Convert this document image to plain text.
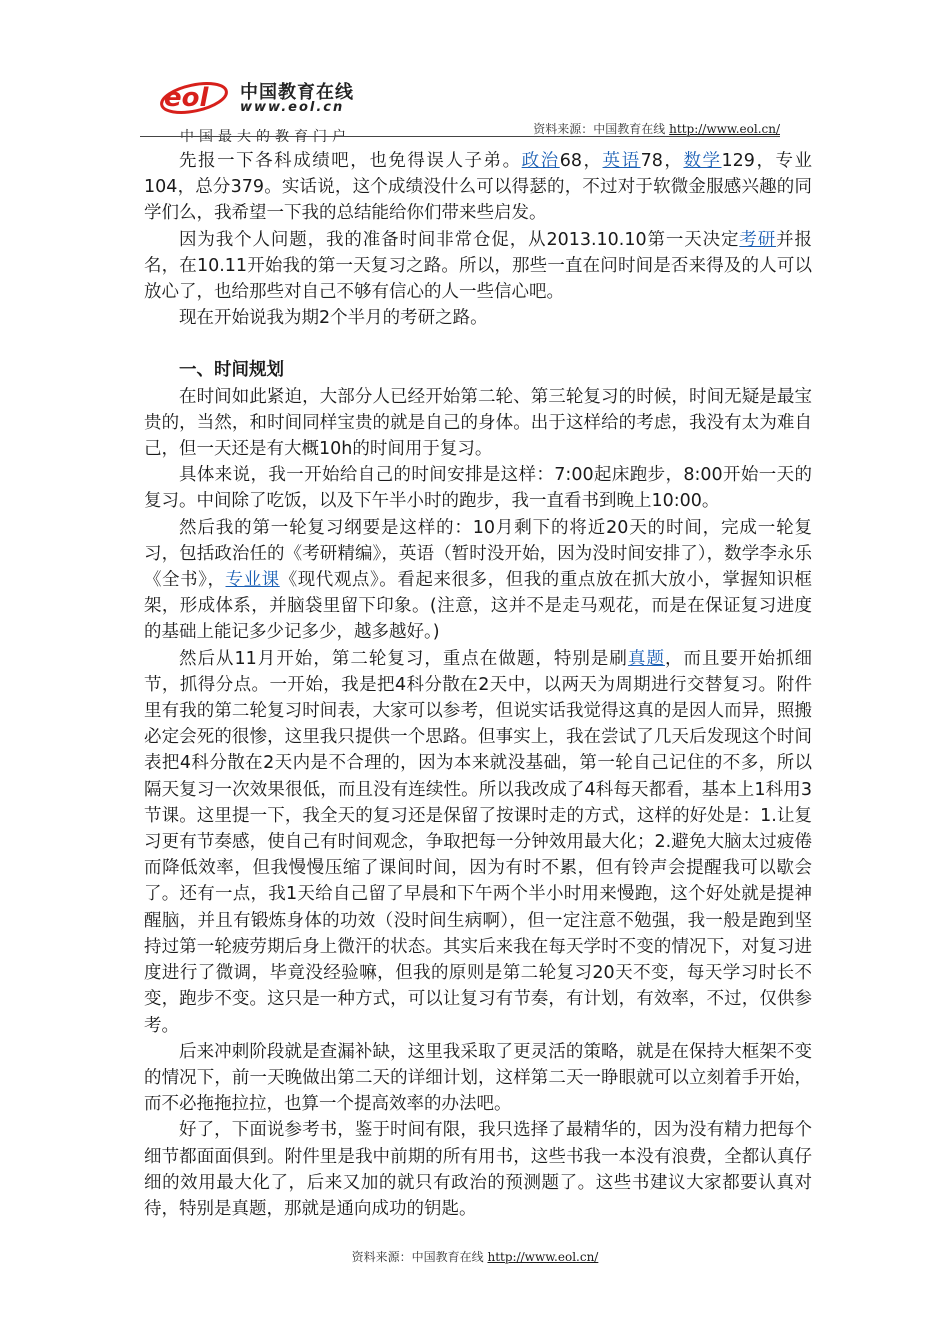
eol 中国教育在线
www.eol.cn
中国最大的教育门户	资料来源：中国教育在线 http://www.eol.cn/

先报一下各科成绩吧，也免得误人子弟。政治68，英语78，数学129，专业104，总分379。实话说，这个成绩没什么可以得瑟的，不过对于软微金服感兴趣的同学们么，我希望一下我的总结能给你们带来些启发。

因为我个人问题，我的准备时间非常仓促，从2013.10.10第一天决定考研并报名，在10.11开始我的第一天复习之路。所以，那些一直在问时间是否来得及的人可以放心了，也给那些对自己不够有信心的人一些信心吧。

现在开始说我为期2个半月的考研之路。

一、时间规划

在时间如此紧迫，大部分人已经开始第二轮、第三轮复习的时候，时间无疑是最宝贵的，当然，和时间同样宝贵的就是自己的身体。出于这样给的考虑，我没有太为难自己，但一天还是有大概10h的时间用于复习。

具体来说，我一开始给自己的时间安排是这样：7:00起床跑步，8:00开始一天的复习。中间除了吃饭，以及下午半小时的跑步，我一直看书到晚上10:00。

然后我的第一轮复习纲要是这样的：10月剩下的将近20天的时间，完成一轮复习，包括政治任的《考研精编》，英语（暂时没开始，因为没时间安排了），数学李永乐《全书》，专业课《现代观点》。看起来很多，但我的重点放在抓大放小，掌握知识框架，形成体系，并脑袋里留下印象。(注意，这并不是走马观花，而是在保证复习进度的基础上能记多少记多少，越多越好。)

然后从11月开始，第二轮复习，重点在做题，特别是刷真题，而且要开始抓细节，抓得分点。一开始，我是把4科分散在2天中，以两天为周期进行交替复习。附件里有我的第二轮复习时间表，大家可以参考，但说实话我觉得这真的是因人而异，照搬必定会死的很惨，这里我只提供一个思路。但事实上，我在尝试了几天后发现这个时间表把4科分散在2天内是不合理的，因为本来就没基础，第一轮自己记住的不多，所以隔天复习一次效果很低，而且没有连续性。所以我改成了4科每天都看，基本上1科用3节课。这里提一下，我全天的复习还是保留了按课时走的方式，这样的好处是：1.让复习更有节奏感，使自己有时间观念，争取把每一分钟效用最大化；2.避免大脑太过疲倦而降低效率，但我慢慢压缩了课间时间，因为有时不累，但有铃声会提醒我可以歇会了。还有一点，我1天给自己留了早晨和下午两个半小时用来慢跑，这个好处就是提神醒脑，并且有锻炼身体的功效（没时间生病啊），但一定注意不勉强，我一般是跑到坚持过第一轮疲劳期后身上微汗的状态。其实后来我在每天学时不变的情况下，对复习进度进行了微调，毕竟没经验嘛，但我的原则是第二轮复习20天不变，每天学习时长不变，跑步不变。这只是一种方式，可以让复习有节奏，有计划，有效率，不过，仅供参考。

后来冲刺阶段就是查漏补缺，这里我采取了更灵活的策略，就是在保持大框架不变的情况下，前一天晚做出第二天的详细计划，这样第二天一睁眼就可以立刻着手开始，而不必拖拖拉拉，也算一个提高效率的办法吧。

好了，下面说参考书，鉴于时间有限，我只选择了最精华的，因为没有精力把每个细节都面面俱到。附件里是我中前期的所有用书，这些书我一本没有浪费，全都认真仔细的效用最大化了，后来又加的就只有政治的预测题了。这些书建议大家都要认真对待，特别是真题，那就是通向成功的钥匙。

资料来源：中国教育在线 http://www.eol.cn/
